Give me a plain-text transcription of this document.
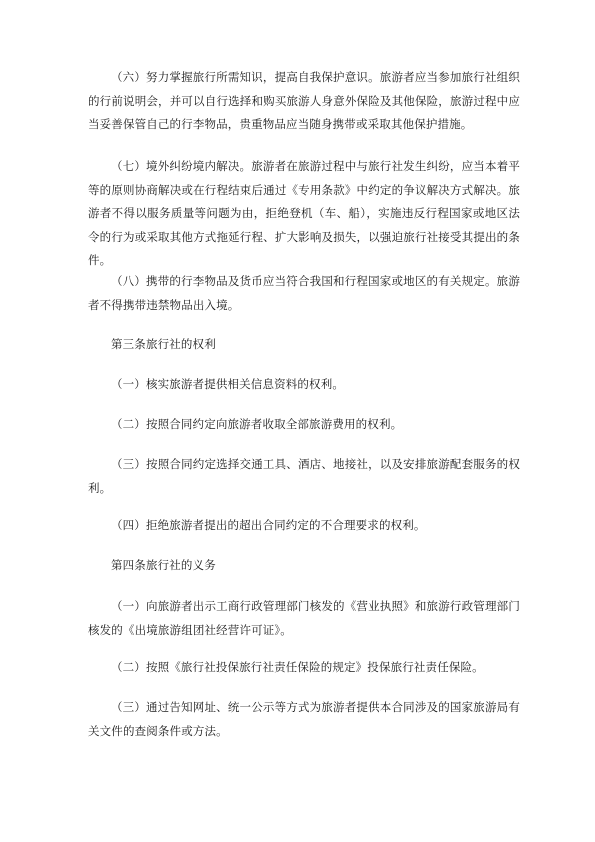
（六）努力掌握旅行所需知识，提高自我保护意识。旅游者应当参加旅行社组织的行前说明会，并可以自行选择和购买旅游人身意外保险及其他保险，旅游过程中应当妥善保管自己的行李物品，贵重物品应当随身携带或采取其他保护措施。

（七）境外纠纷境内解决。旅游者在旅游过程中与旅行社发生纠纷，应当本着平等的原则协商解决或在行程结束后通过《专用条款》中约定的争议解决方式解决。旅游者不得以服务质量等问题为由，拒绝登机（车、船），实施违反行程国家或地区法令的行为或采取其他方式拖延行程、扩大影响及损失，以强迫旅行社接受其提出的条件。

（八）携带的行李物品及货币应当符合我国和行程国家或地区的有关规定。旅游者不得携带违禁物品出入境。

第三条旅行社的权利

（一）核实旅游者提供相关信息资料的权利。

（二）按照合同约定向旅游者收取全部旅游费用的权利。

（三）按照合同约定选择交通工具、酒店、地接社，以及安排旅游配套服务的权利。

（四）拒绝旅游者提出的超出合同约定的不合理要求的权利。

第四条旅行社的义务

（一）向旅游者出示工商行政管理部门核发的《营业执照》和旅游行政管理部门核发的《出境旅游组团社经营许可证》。

（二）按照《旅行社投保旅行社责任保险的规定》投保旅行社责任保险。

（三）通过告知网址、统一公示等方式为旅游者提供本合同涉及的国家旅游局有关文件的查阅条件或方法。
